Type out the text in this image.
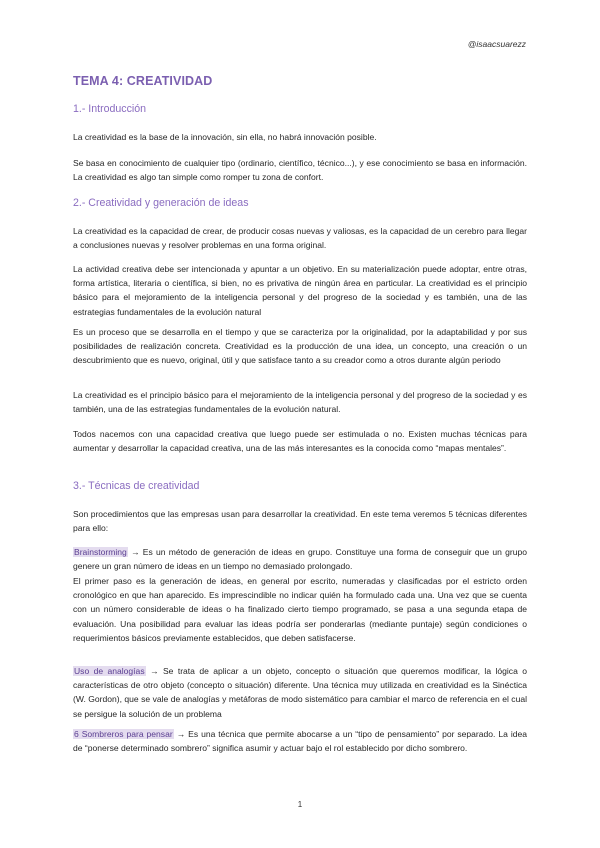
@isaacsuarezz
TEMA 4: CREATIVIDAD
1.- Introducción

La creatividad es la base de la innovación, sin ella, no habrá innovación posible.

Se basa en conocimiento de cualquier tipo (ordinario, científico, técnico...), y ese conocimiento se basa en información. La creatividad es algo tan simple como romper tu zona de confort.

2.- Creatividad y generación de ideas

La creatividad es la capacidad de crear, de producir cosas nuevas y valiosas, es la capacidad de un cerebro para llegar a conclusiones nuevas y resolver problemas en una forma original.

La actividad creativa debe ser intencionada y apuntar a un objetivo. En su materialización puede adoptar, entre otras, forma artística, literaria o científica, si bien, no es privativa de ningún área en particular. La creatividad es el principio básico para el mejoramiento de la inteligencia personal y del progreso de la sociedad y es también, una de las estrategias fundamentales de la evolución natural

Es un proceso que se desarrolla en el tiempo y que se caracteriza por la originalidad, por la adaptabilidad y por sus posibilidades de realización concreta. Creatividad es la producción de una idea, un concepto, una creación o un descubrimiento que es nuevo, original, útil y que satisface tanto a su creador como a otros durante algún periodo

La creatividad es el principio básico para el mejoramiento de la inteligencia personal y del progreso de la sociedad y es también, una de las estrategias fundamentales de la evolución natural.

Todos nacemos con una capacidad creativa que luego puede ser estimulada o no. Existen muchas técnicas para aumentar y desarrollar la capacidad creativa, una de las más interesantes es la conocida como “mapas mentales”.

3.- Técnicas de creatividad

Son procedimientos que las empresas usan para desarrollar la creatividad. En este tema veremos 5 técnicas diferentes para ello:

Brainstorming → Es un método de generación de ideas en grupo. Constituye una forma de conseguir que un grupo genere un gran número de ideas en un tiempo no demasiado prolongado.

El primer paso es la generación de ideas, en general por escrito, numeradas y clasificadas por el estricto orden cronológico en que han aparecido. Es imprescindible no indicar quién ha formulado cada una. Una vez que se cuenta con un número considerable de ideas o ha finalizado cierto tiempo programado, se pasa a una segunda etapa de evaluación. Una posibilidad para evaluar las ideas podría ser ponderarlas (mediante puntaje) según condiciones o requerimientos básicos previamente establecidos, que deben satisfacerse.

Uso de analogías → Se trata de aplicar a un objeto, concepto o situación que queremos modificar, la lógica o características de otro objeto (concepto o situación) diferente. Una técnica muy utilizada en creatividad es la Sinéctica (W. Gordon), que se vale de analogías y metáforas de modo sistemático para cambiar el marco de referencia en el cual se persigue la solución de un problema

6 Sombreros para pensar → Es una técnica que permite abocarse a un “tipo de pensamiento” por separado. La idea de “ponerse determinado sombrero” significa asumir y actuar bajo el rol establecido por dicho sombrero.

1
